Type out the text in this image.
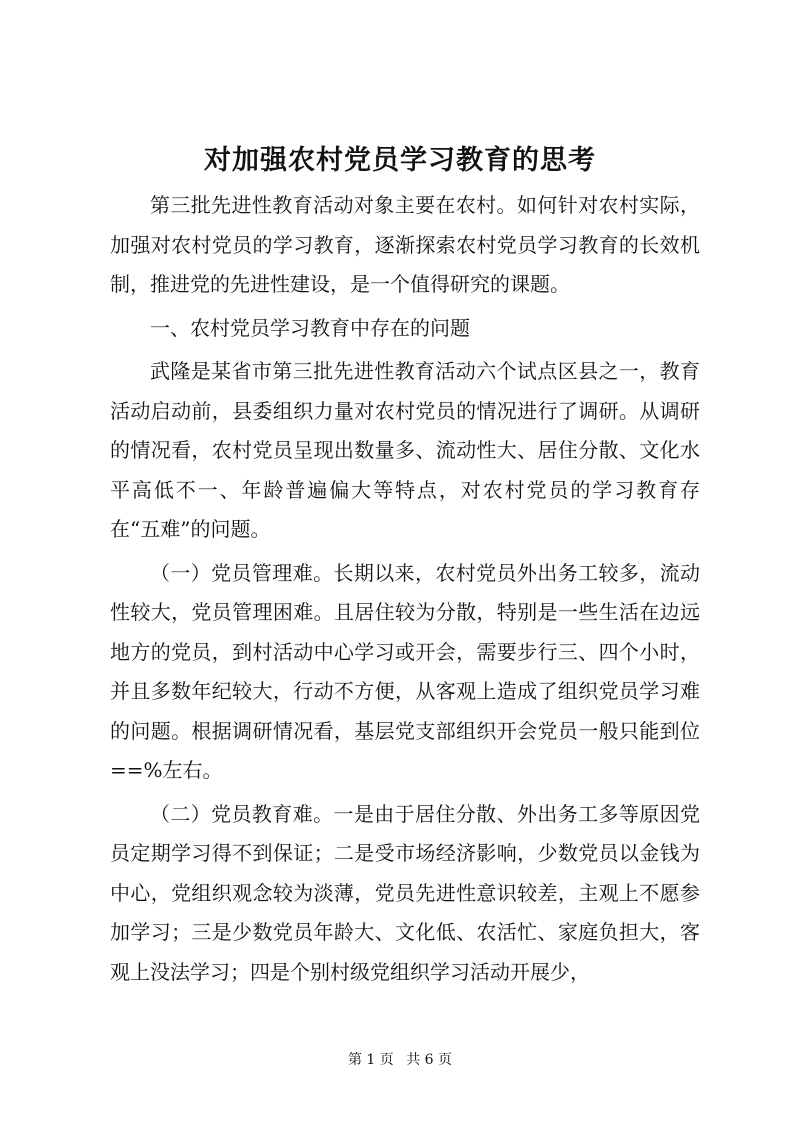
对加强农村党员学习教育的思考

第三批先进性教育活动对象主要在农村。如何针对农村实际，加强对农村党员的学习教育，逐渐探索农村党员学习教育的长效机制，推进党的先进性建设，是一个值得研究的课题。

一、农村党员学习教育中存在的问题

武隆是某省市第三批先进性教育活动六个试点区县之一，教育活动启动前，县委组织力量对农村党员的情况进行了调研。从调研的情况看，农村党员呈现出数量多、流动性大、居住分散、文化水平高低不一、年龄普遍偏大等特点，对农村党员的学习教育存在“五难”的问题。

（一）党员管理难。长期以来，农村党员外出务工较多，流动性较大，党员管理困难。且居住较为分散，特别是一些生活在边远地方的党员，到村活动中心学习或开会，需要步行三、四个小时，并且多数年纪较大，行动不方便，从客观上造成了组织党员学习难的问题。根据调研情况看，基层党支部组织开会党员一般只能到位==%左右。

（二）党员教育难。一是由于居住分散、外出务工多等原因党员定期学习得不到保证；二是受市场经济影响，少数党员以金钱为中心，党组织观念较为淡薄，党员先进性意识较差，主观上不愿参加学习；三是少数党员年龄大、文化低、农活忙、家庭负担大，客观上没法学习；四是个别村级党组织学习活动开展少，

第 1 页 共 6 页
